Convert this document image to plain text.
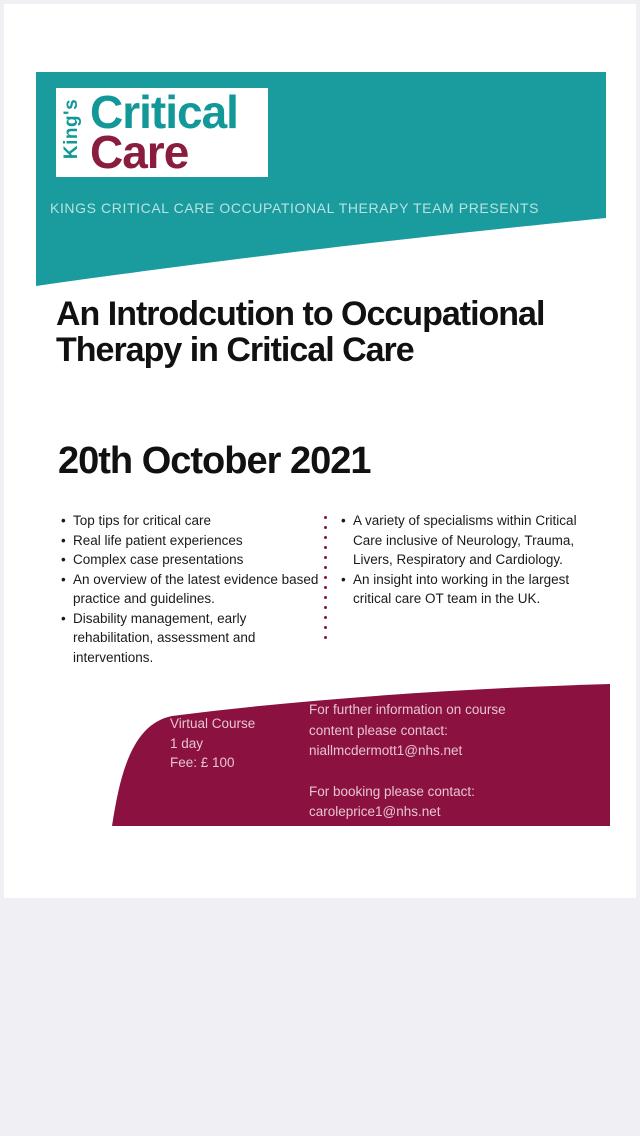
King's Critical
Care
KINGS CRITICAL CARE OCCUPATIONAL THERAPY TEAM PRESENTS
An Introdcution to Occupational Therapy in Critical Care
20th October 2021
• Top tips for critical care
• Real life patient experiences
• Complex case presentations
• An overview of the latest evidence based practice and guidelines.
• Disability management, early rehabilitation, assessment and interventions.
• A variety of specialisms within Critical Care inclusive of Neurology, Trauma, Livers, Respiratory and Cardiology.
• An insight into working in the largest critical care OT team in the UK.
Virtual Course
1 day
Fee: £ 100
For further information on course
content please contact:
niallmcdermott1@nhs.net
For booking please contact:
caroleprice1@nhs.net
